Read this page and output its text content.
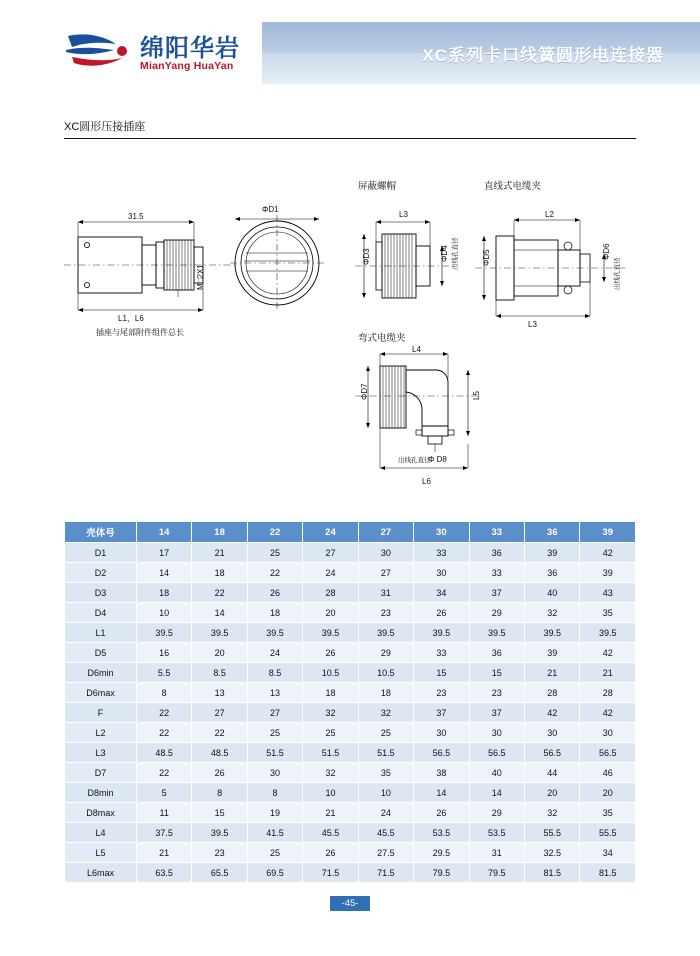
XC系列卡口线簧圆形电连接器
绵阳华岩
MianYang HuaYan
XC圆形压接插座
31.5
M□2X1
L1、L6
插座与尾部附件组件总长
ΦD1
屏蔽螺帽
L3
ΦD3	ΦD4 出线孔直径
直线式电缆夹
L2
L3
ΦD5	ΦD6
出线孔直径
弯式电缆夹
L4
L5
ΦD7
Φ D8
出线孔直径
L6
壳体号	14	18	22	24	27	30	33	36	39
D1	17	21	25	27	30	33	36	39	42
D2	14	18	22	24	27	30	33	36	39
D3	18	22	26	28	31	34	37	40	43
D4	10	14	18	20	23	26	29	32	35
L1	39.5	39.5	39.5	39.5	39.5	39.5	39.5	39.5	39.5
D5	16	20	24	26	29	33	36	39	42
D6min	5.5	8.5	8.5	10.5	10.5	15	15	21	21
D6max	8	13	13	18	18	23	23	28	28
F	22	27	27	32	32	37	37	42	42
L2	22	22	25	25	25	30	30	30	30
L3	48.5	48.5	51.5	51.5	51.5	56.5	56.5	56.5	56.5
D7	22	26	30	32	35	38	40	44	46
D8min	5	8	8	10	10	14	14	20	20
D8max	11	15	19	21	24	26	29	32	35
L4	37.5	39.5	41.5	45.5	45.5	53.5	53.5	55.5	55.5
L5	21	23	25	26	27.5	29.5	31	32.5	34
L6max	63.5	65.5	69.5	71.5	71.5	79.5	79.5	81.5	81.5
-45-
